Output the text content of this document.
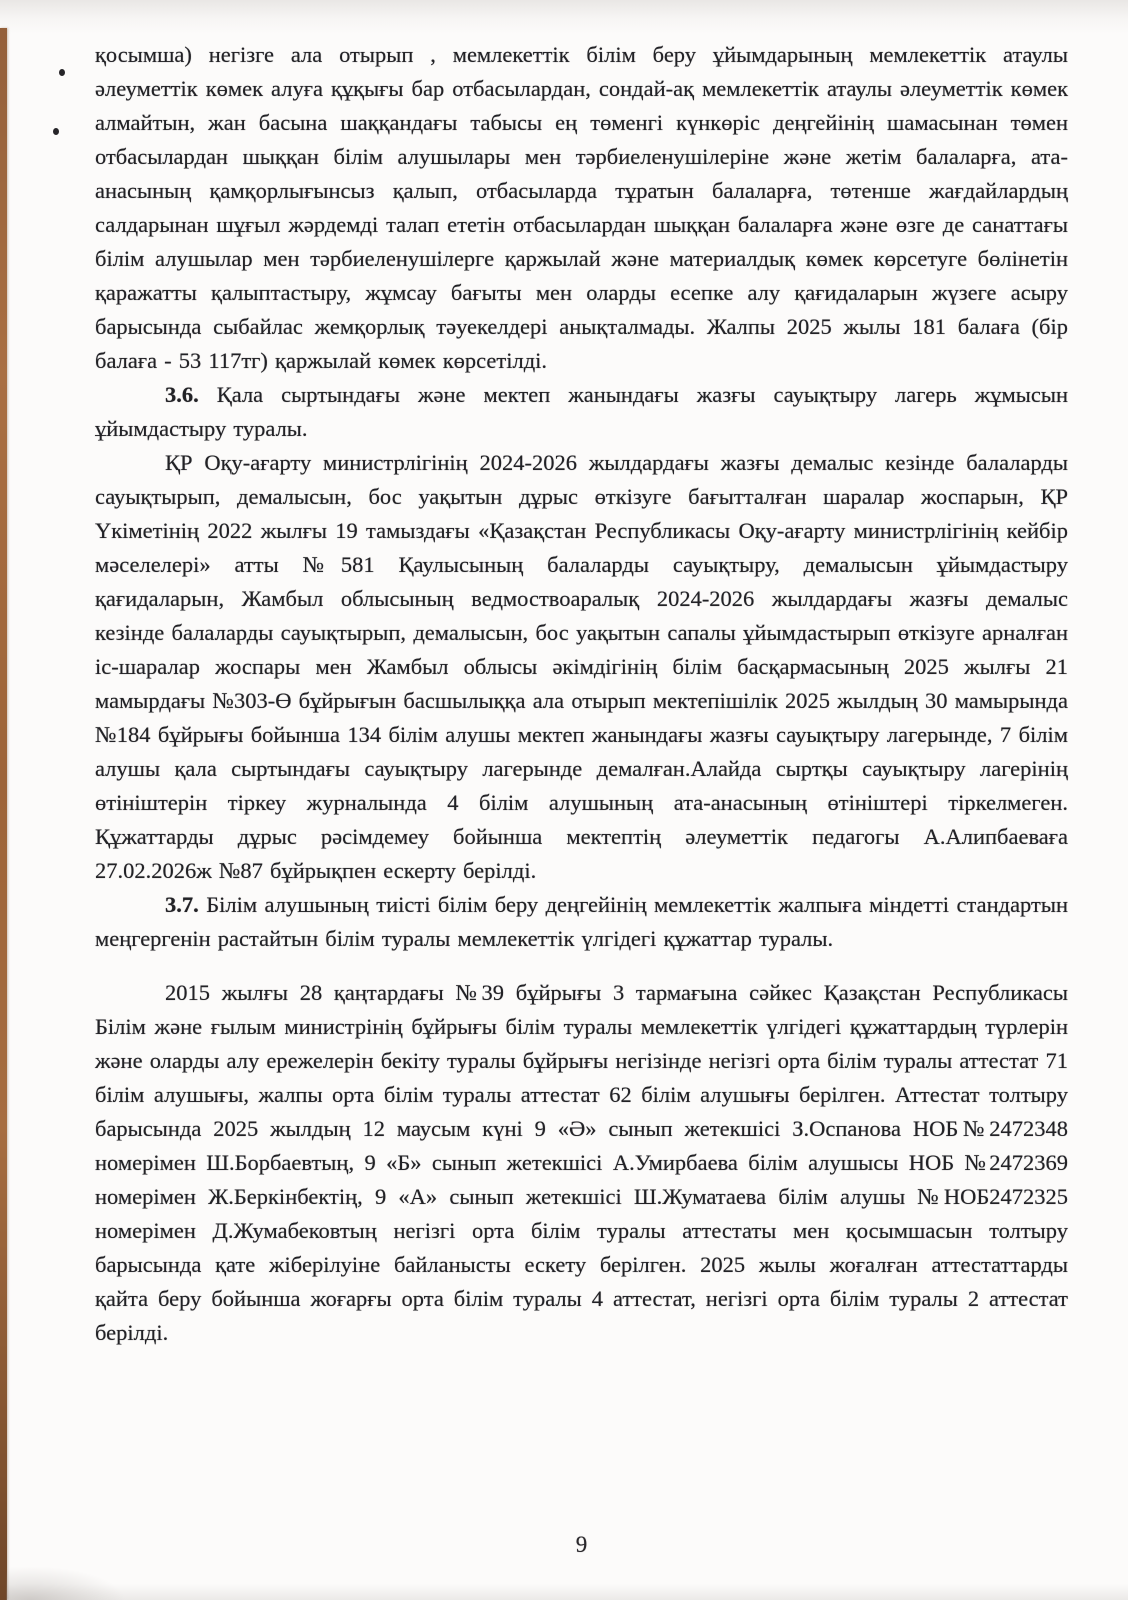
қосымша) негізге ала отырып , мемлекеттік білім беру ұйымдарының мемлекеттік атаулы әлеуметтік көмек алуға құқығы бар отбасылардан, сондай-ақ мемлекеттік атаулы әлеуметтік көмек алмайтын, жан басына шаққандағы табысы ең төменгі күнкөріс деңгейінің шамасынан төмен отбасылардан шыққан білім алушылары мен тәрбиеленушілеріне және жетім балаларға, ата-анасының қамқорлығынсыз қалып, отбасыларда тұратын балаларға, төтенше жағдайлардың салдарынан шұғыл жәрдемді талап ететін отбасылардан шыққан балаларға және өзге де санаттағы білім алушылар мен тәрбиеленушілерге қаржылай және материалдық көмек көрсетуге бөлінетін қаражатты қалыптастыру, жұмсау бағыты мен оларды есепке алу қағидаларын жүзеге асыру барысында сыбайлас жемқорлық тәуекелдері анықталмады. Жалпы 2025 жылы 181 балаға (бір балаға - 53 117тг) қаржылай көмек көрсетілді.

3.6. Қала сыртындағы және мектеп жанындағы жазғы сауықтыру лагерь жұмысын ұйымдастыру туралы.

ҚР Оқу-ағарту министрлігінің 2024-2026 жылдардағы жазғы демалыс кезінде балаларды сауықтырып, демалысын, бос уақытын дұрыс өткізуге бағытталған шаралар жоспарын, ҚР Үкіметінің 2022 жылғы 19 тамыздағы «Қазақстан Республикасы Оқу-ағарту министрлігінің кейбір мәселелері» атты №581 Қаулысының балаларды сауықтыру, демалысын ұйымдастыру қағидаларын, Жамбыл облысының ведмоствоаралық 2024-2026 жылдардағы жазғы демалыс кезінде балаларды сауықтырып, демалысын, бос уақытын сапалы ұйымдастырып өткізуге арналған іс-шаралар жоспары мен Жамбыл облысы әкімдігінің білім басқармасының 2025 жылғы 21 мамырдағы №303-Ө бұйрығын басшылыққа ала отырып мектепішілік 2025 жылдың 30 мамырында №184 бұйрығы бойынша 134 білім алушы мектеп жанындағы жазғы сауықтыру лагерынде, 7 білім алушы қала сыртындағы сауықтыру лагерынде демалған.Алайда сыртқы сауықтыру лагерінің өтініштерін тіркеу журналында 4 білім алушының ата-анасының өтініштері тіркелмеген. Құжаттарды дұрыс рәсімдемеу бойынша мектептің әлеуметтік педагогы А.Алипбаеваға 27.02.2026ж №87 бұйрықпен ескерту берілді.

3.7. Білім алушының тиісті білім беру деңгейінің мемлекеттік жалпыға міндетті стандартын меңгергенін растайтын білім туралы мемлекеттік үлгідегі құжаттар туралы.

2015 жылғы 28 қаңтардағы №39 бұйрығы 3 тармағына сәйкес Қазақстан Республикасы Білім және ғылым министрінің бұйрығы білім туралы мемлекеттік үлгідегі құжаттардың түрлерін және оларды алу ережелерін бекіту туралы бұйрығы негізінде негізгі орта білім туралы аттестат 71 білім алушығы, жалпы орта білім туралы аттестат 62 білім алушығы берілген. Аттестат толтыру барысында 2025 жылдың 12 маусым күні 9 «Ә» сынып жетекшісі З.Оспанова НОБ№2472348 номерімен Ш.Борбаевтың, 9 «Б» сынып жетекшісі А.Умирбаева білім алушысы НОБ №2472369 номерімен Ж.Беркінбектің, 9 «А» сынып жетекшісі Ш.Жуматаева білім алушы №НОБ2472325 номерімен Д.Жумабековтың негізгі орта білім туралы аттестаты мен қосымшасын толтыру барысында қате жіберілуіне байланысты ескету берілген. 2025 жылы жоғалған аттестаттарды қайта беру бойынша жоғарғы орта білім туралы 4 аттестат, негізгі орта білім туралы 2 аттестат берілді.

9
